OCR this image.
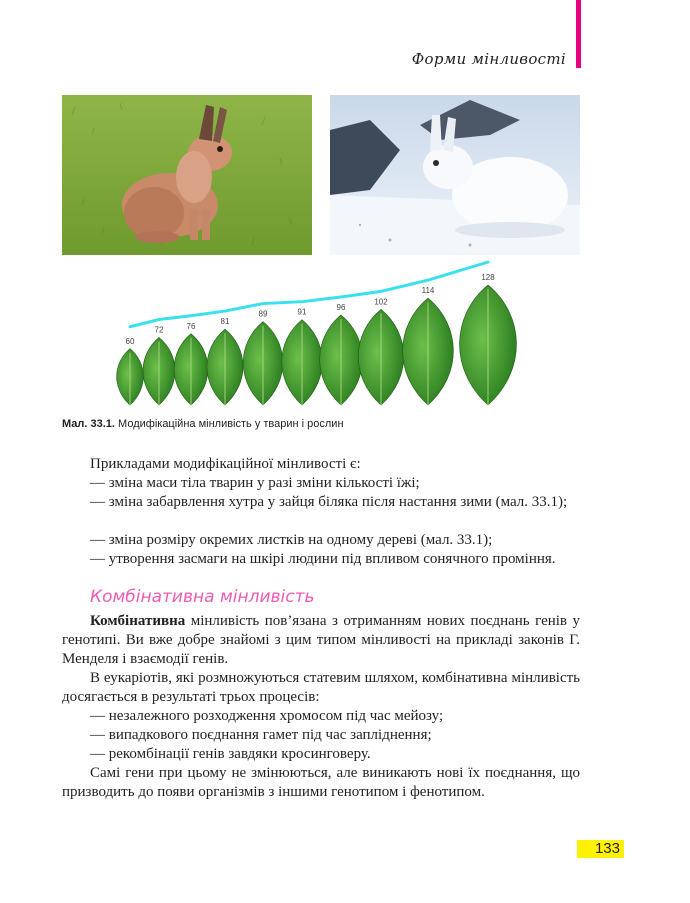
Форми мінливості
60
72	76
81
89	91
96
102
114
128
Мал. 33.1. Модифікаційна мінливість у тварин і рослин

Прикладами модифікаційної мінливості є:

— зміна маси тіла тварин у разі зміни кількості їжі;

— зміна забарвлення хутра у зайця біляка після настання зими (мал. 33.1);

— зміна розміру окремих листків на одному дереві (мал. 33.1);

— утворення засмаги на шкірі людини під впливом сонячного проміння.

Комбінативна мінливість

Комбінативна мінливість пов’язана з отриманням нових поєднань генів у генотипі. Ви вже добре знайомі з цим типом мінливості на прикладі законів Г. Менделя і взаємодії генів.

В еукаріотів, які розмножуються статевим шляхом, комбінативна мінливість досягається в результаті трьох процесів:

— незалежного розходження хромосом під час мейозу;

— випадкового поєднання гамет під час запліднення;

— рекомбінації генів завдяки кросинговеру.

Самі гени при цьому не змінюються, але виникають нові їх поєднання, що призводить до появи організмів з іншими генотипом і фенотипом.

133
